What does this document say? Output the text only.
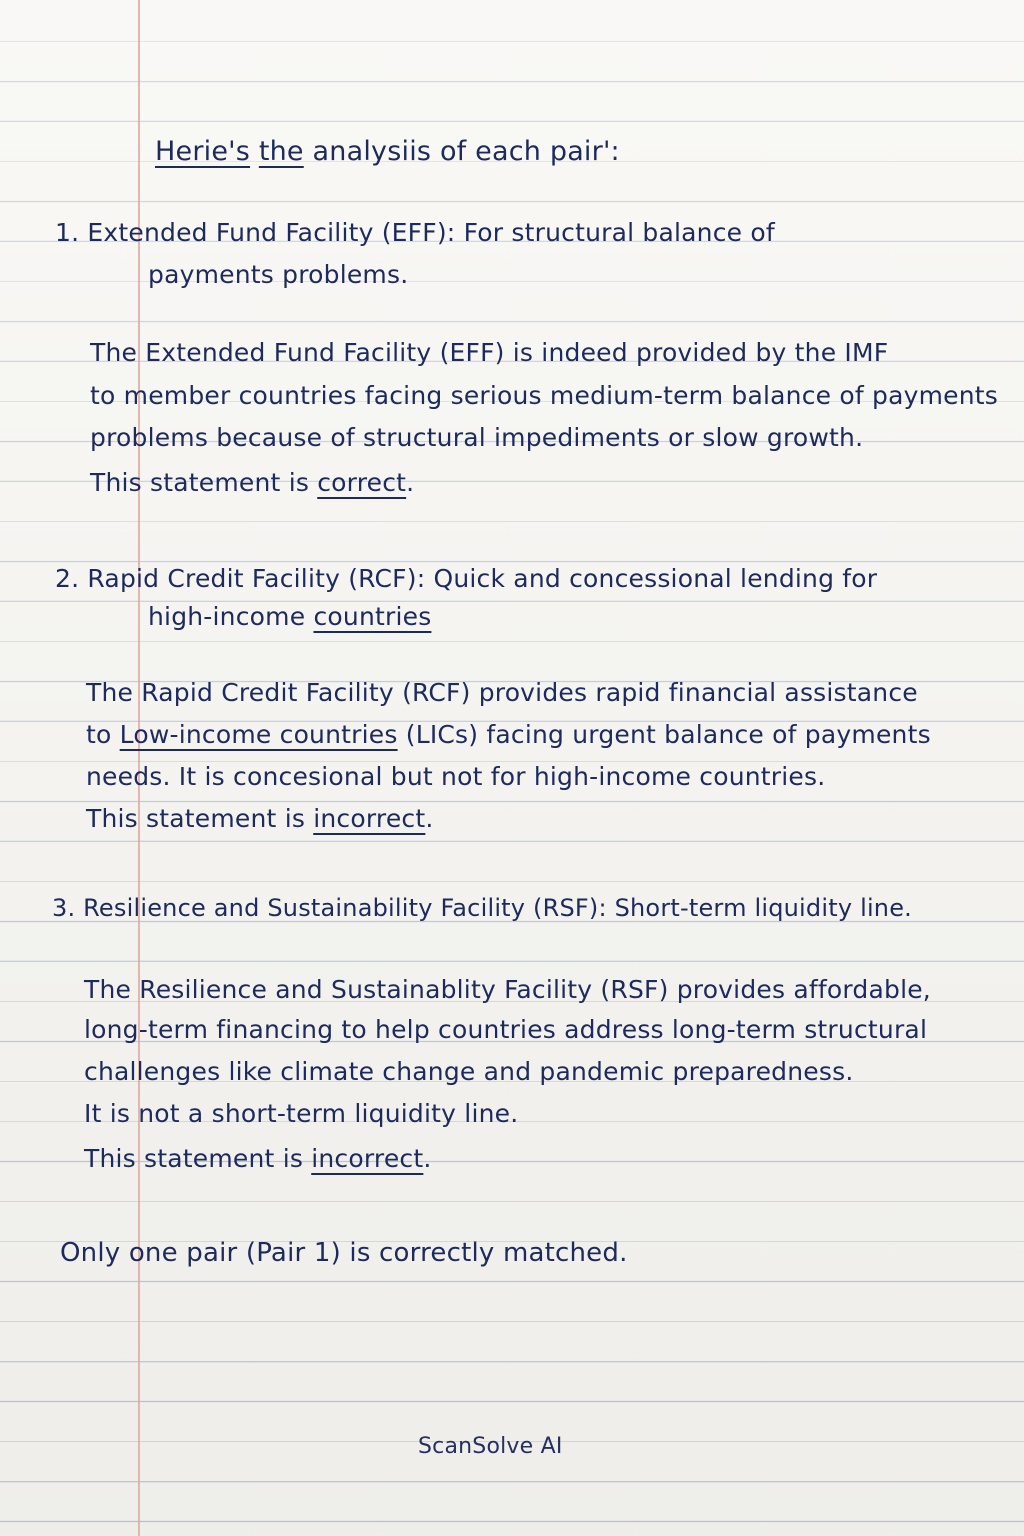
Herie's the analysiis of each pair':
1. Extended Fund Facility (EFF): For structural balance of
payments problems.
The Extended Fund Facility (EFF) is indeed provided by the IMF
to member countries facing serious medium-term balance of payments
problems because of structural impediments or slow growth.
This statement is correct.
2. Rapid Credit Facility (RCF): Quick and concessional lending for
high-income countries
The Rapid Credit Facility (RCF) provides rapid financial assistance
to Low-income countries (LICs) facing urgent balance of payments
needs. It is concesional but not for high-income countries.
This statement is incorrect.
3. Resilience and Sustainability Facility (RSF): Short-term liquidity line.
The Resilience and Sustainablity Facility (RSF) provides affordable,
long-term financing to help countries address long-term structural
challenges like climate change and pandemic preparedness.
It is not a short-term liquidity line.
This statement is incorrect.
Only one pair (Pair 1) is correctly matched.
ScanSolve AI
